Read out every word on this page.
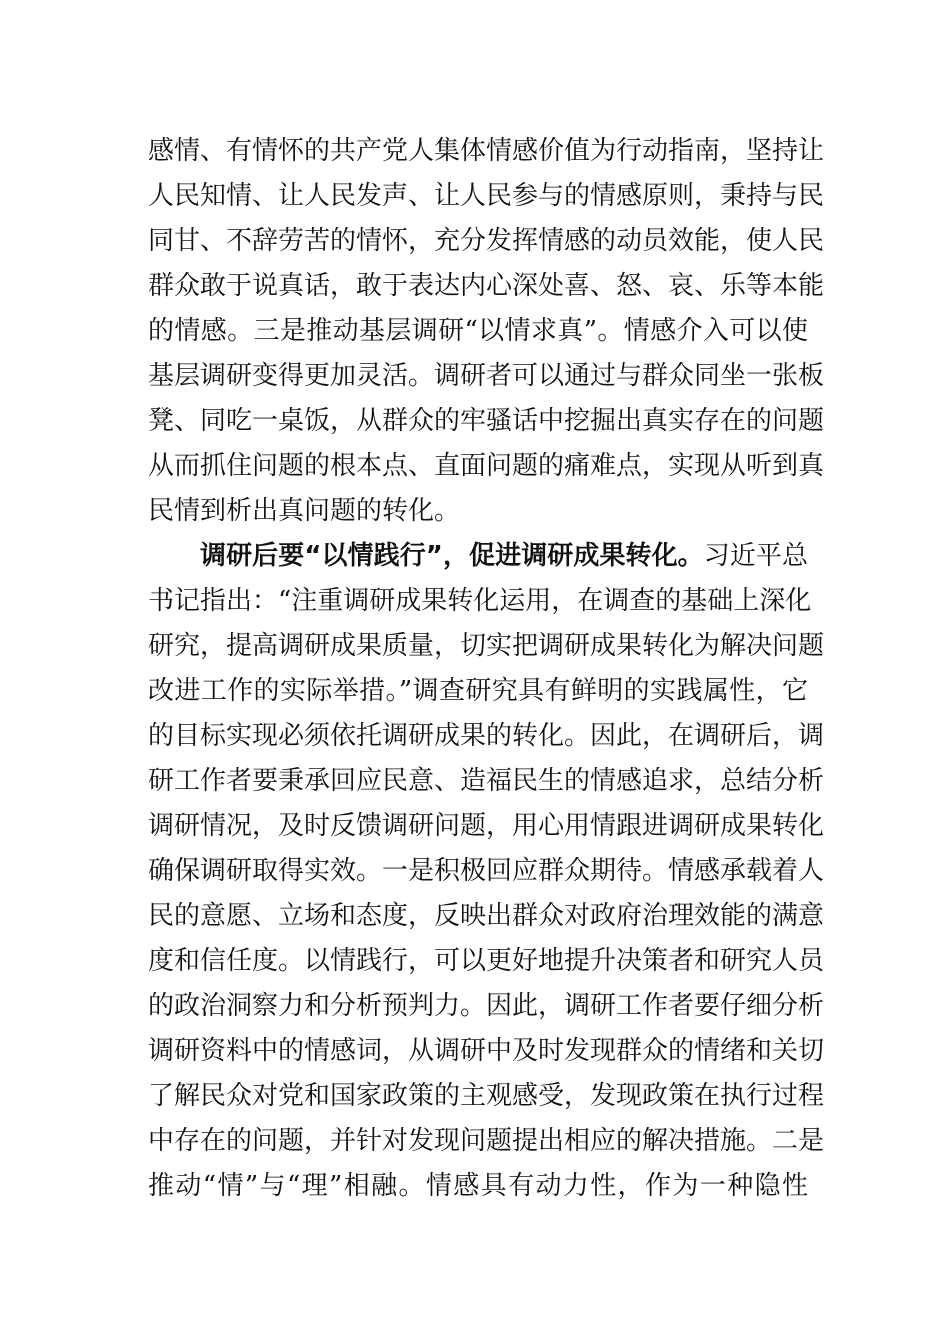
感情、有情怀的共产党人集体情感价值为行动指南，坚持让
人民知情、让人民发声、让人民参与的情感原则，秉持与民
同甘、不辞劳苦的情怀，充分发挥情感的动员效能，使人民
群众敢于说真话，敢于表达内心深处喜、怒、哀、乐等本能
的情感。三是推动基层调研“以情求真”。情感介入可以使
基层调研变得更加灵活。调研者可以通过与群众同坐一张板
凳、同吃一桌饭，从群众的牢骚话中挖掘出真实存在的问题
从而抓住问题的根本点、直面问题的痛难点，实现从听到真
民情到析出真问题的转化。
调研后要“以情践行”，促进调研成果转化。习近平总
书记指出：“注重调研成果转化运用，在调查的基础上深化
研究，提高调研成果质量，切实把调研成果转化为解决问题
改进工作的实际举措。”调查研究具有鲜明的实践属性，它
的目标实现必须依托调研成果的转化。因此，在调研后，调
研工作者要秉承回应民意、造福民生的情感追求，总结分析
调研情况，及时反馈调研问题，用心用情跟进调研成果转化
确保调研取得实效。一是积极回应群众期待。情感承载着人
民的意愿、立场和态度，反映出群众对政府治理效能的满意
度和信任度。以情践行，可以更好地提升决策者和研究人员
的政治洞察力和分析预判力。因此，调研工作者要仔细分析
调研资料中的情感词，从调研中及时发现群众的情绪和关切
了解民众对党和国家政策的主观感受，发现政策在执行过程
中存在的问题，并针对发现问题提出相应的解决措施。二是
推动“情”与“理”相融。情感具有动力性，作为一种隐性
